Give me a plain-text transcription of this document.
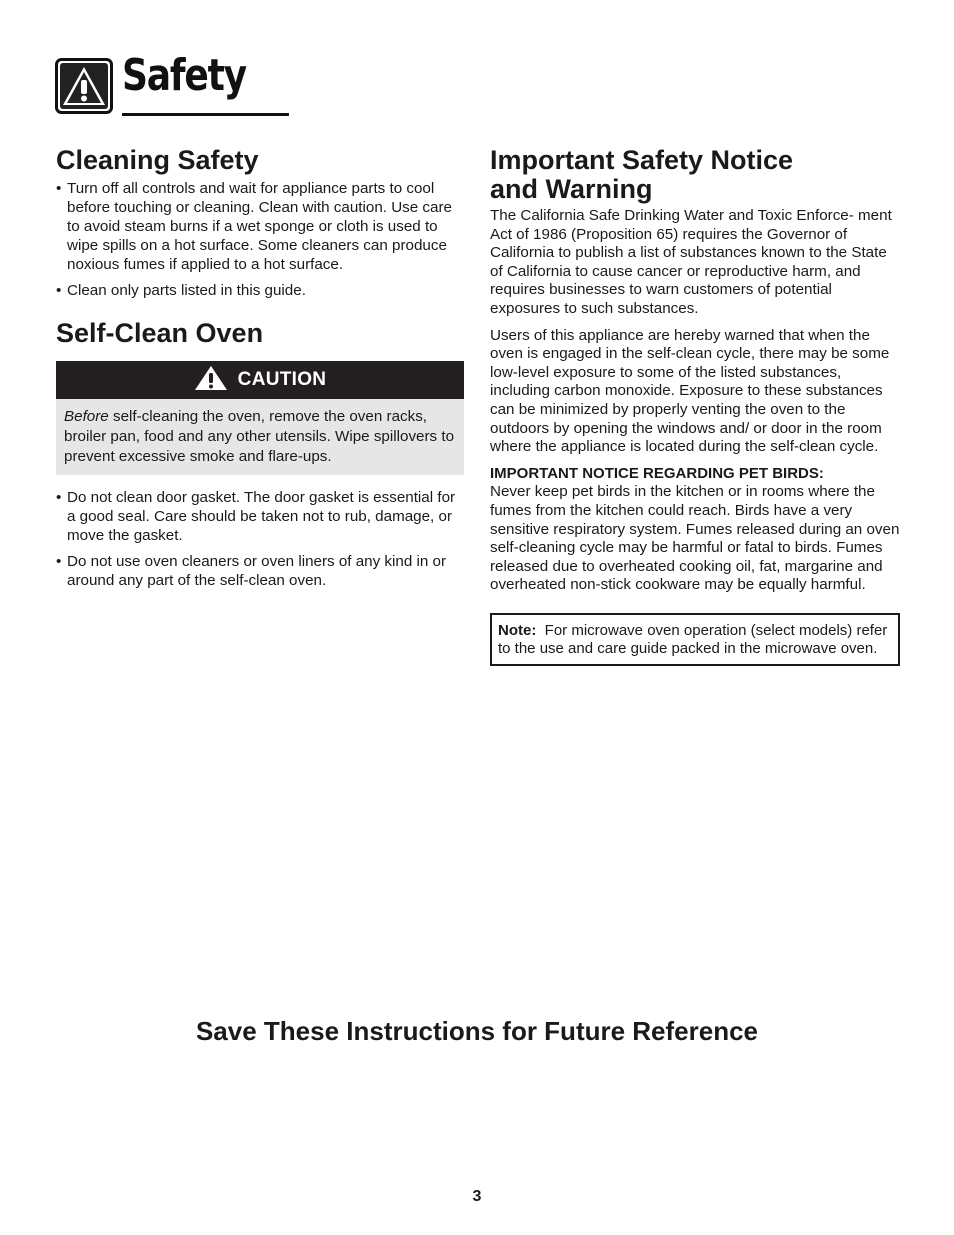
Safety
Cleaning Safety
• Turn off all controls and wait for appliance parts to cool before touching or cleaning. Clean with caution. Use care to avoid steam burns if a wet sponge or cloth is used to wipe spills on a hot surface. Some cleaners can produce noxious fumes if applied to a hot surface.
• Clean only parts listed in this guide.
Self-Clean Oven
CAUTION
Before self-cleaning the oven, remove the oven racks, broiler pan, food and any other utensils. Wipe spillovers to prevent excessive smoke and flare-ups.
• Do not clean door gasket. The door gasket is essential for a good seal. Care should be taken not to rub, damage, or move the gasket.
• Do not use oven cleaners or oven liners of any kind in or around any part of the self-clean oven.
Important Safety Notice
and Warning

The California Safe Drinking Water and Toxic Enforce- ment Act of 1986 (Proposition 65) requires the Governor of California to publish a list of substances known to the State of California to cause cancer or reproductive harm, and requires businesses to warn customers of potential exposures to such substances.

Users of this appliance are hereby warned that when the oven is engaged in the self-clean cycle, there may be some low-level exposure to some of the listed substances, including carbon monoxide. Exposure to these substances can be minimized by properly venting the oven to the outdoors by opening the windows and/ or door in the room where the appliance is located during the self-clean cycle.

IMPORTANT NOTICE REGARDING PET BIRDS:

Never keep pet birds in the kitchen or in rooms where the fumes from the kitchen could reach. Birds have a very sensitive respiratory system. Fumes released during an oven self-cleaning cycle may be harmful or fatal to birds. Fumes released due to overheated cooking oil, fat, margarine and overheated non-stick cookware may be equally harmful.

Note: For microwave oven operation (select models) refer to the use and care guide packed in the microwave oven.
Save These Instructions for Future Reference
3
